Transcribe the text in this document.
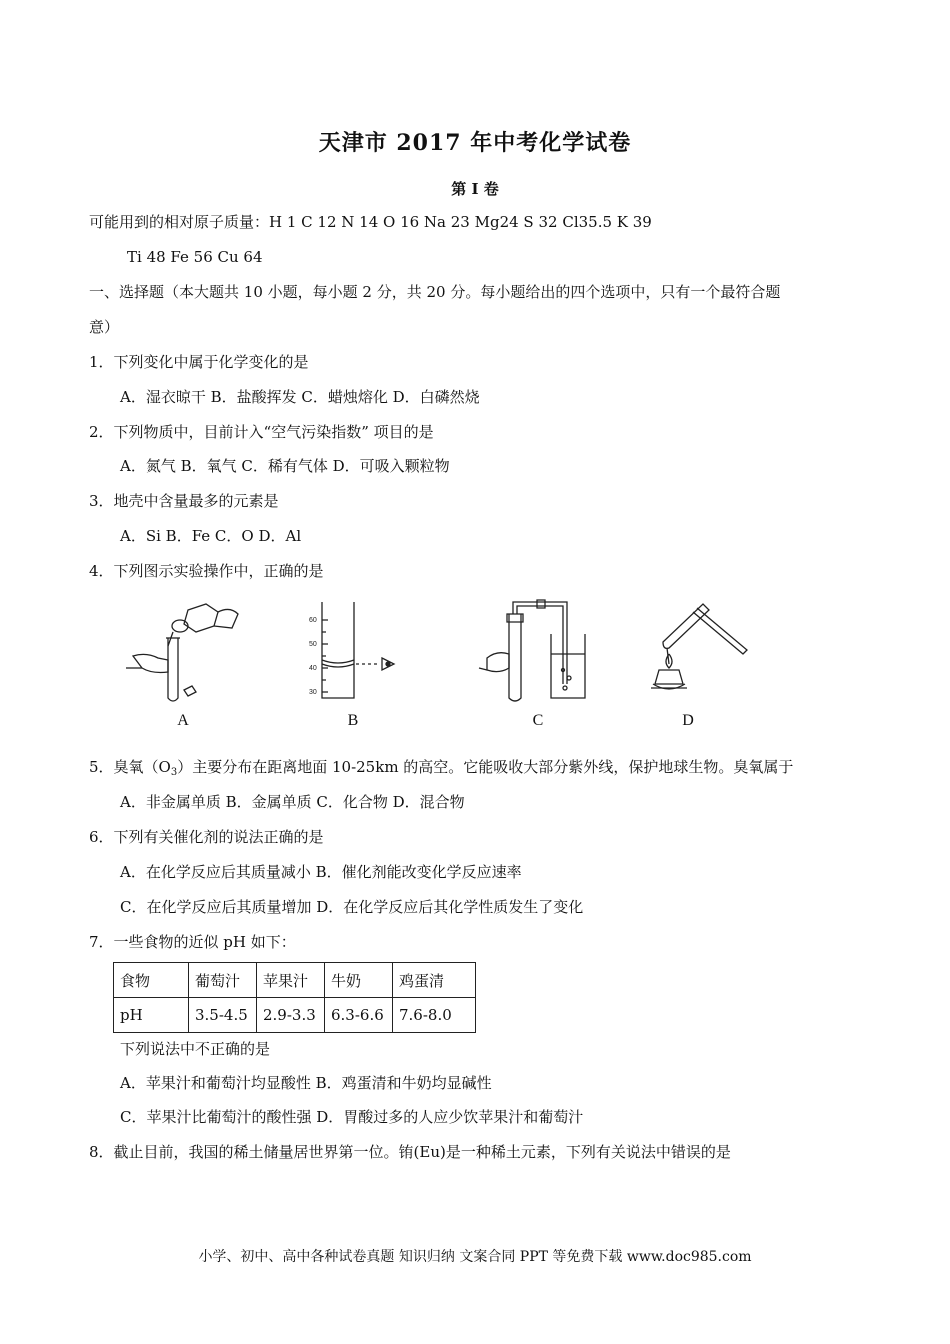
天津市 2017 年中考化学试卷
第 I 卷
可能用到的相对原子质量：H 1 C 12 N 14 O 16 Na 23 Mg24 S 32 Cl35.5 K 39
Ti 48 Fe 56 Cu 64
一、选择题（本大题共 10 小题，每小题 2 分，共 20 分。每小题给出的四个选项中，只有一个最符合题
意）
1．下列变化中属于化学变化的是
A．湿衣晾干 B．盐酸挥发 C．蜡烛熔化 D．白磷然烧
2．下列物质中，目前计入“空气污染指数” 项目的是
A．氮气 B．氧气 C．稀有气体 D．可吸入颗粒物
3．地壳中含量最多的元素是
A．Si B．Fe C．O D．Al
4．下列图示实验操作中，正确的是
A
60
50
40
30
B	C	D
5．臭氧$(O_3)$主要分布在距离地面 10-25km 的高空。它能吸收大部分紫外线，保护地球生物。臭氧属于
A．非金属单质 B．金属单质 C．化合物 D．混合物
6．下列有关催化剂的说法正确的是
A．在化学反应后其质量减小 B．催化剂能改变化学反应速率
C．在化学反应后其质量增加 D．在化学反应后其化学性质发生了变化
7．一些食物的近似 pH 如下：
食物	葡萄汁	苹果汁	牛奶	鸡蛋清
pH	3.5-4.5	2.9-3.3	6.3-6.6	7.6-8.0
下列说法中不正确的是
A．苹果汁和葡萄汁均显酸性 B．鸡蛋清和牛奶均显碱性
C．苹果汁比葡萄汁的酸性强 D．胃酸过多的人应少饮苹果汁和葡萄汁
8．截止目前，我国的稀土储量居世界第一位。铕(Eu)是一种稀土元素，下列有关说法中错误的是
小学、初中、高中各种试卷真题 知识归纳 文案合同 PPT 等免费下载 www.doc985.com
